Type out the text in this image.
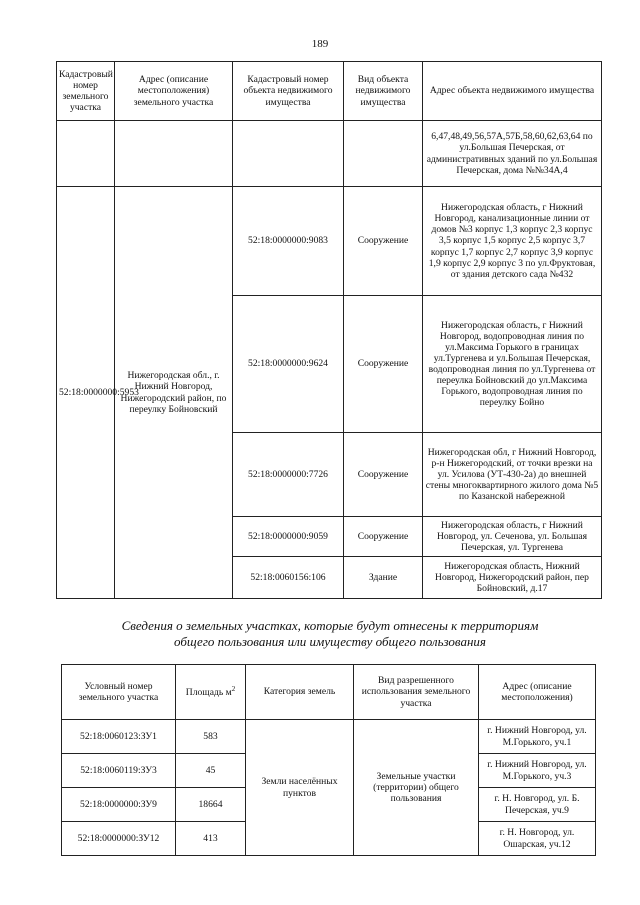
189
Кадастровый номер земельного участка	Адрес (описание местоположения) земельного участка	Кадастровый номер объекта недвижимого имущества	Вид объекта недвижимого имущества	Адрес объекта недвижимого имущества
				6,47,48,49,56,57А,57Б,58,60,62,63,64 по ул.Большая Печерская, от административных зданий по ул.Большая Печерская, дома №№34А,4
52:18:0000000:5953	Нижегородская обл., г. Нижний Новгород, Нижегородский район, по переулку Бойновский	52:18:0000000:9083	Сооружение	Нижегородская область, г Нижний Новгород, канализационные линии от домов №3 корпус 1,3 корпус 2,3 корпус 3,5 корпус 1,5 корпус 2,5 корпус 3,7 корпус 1,7 корпус 2,7 корпус 3,9 корпус 1,9 корпус 2,9 корпус 3 по ул.Фруктовая, от здания детского сада №432
		52:18:0000000:9624	Сооружение	Нижегородская область, г Нижний Новгород, водопроводная линия по ул.Максима Горького в границах ул.Тургенева и ул.Большая Печерская, водопроводная линия по ул.Тургенева от переулка Бойновский до ул.Максима Горького, водопроводная линия по переулку Бойно
		52:18:0000000:7726	Сооружение	Нижегородская обл, г Нижний Новгород, р-н Нижегородский, от точки врезки на ул. Усилова (УТ-430-2а) до внешней стены многоквартирного жилого дома №5 по Казанской набережной
		52:18:0000000:9059	Сооружение	Нижегородская область, г Нижний Новгород, ул. Сеченова, ул. Большая Печерская, ул. Тургенева
		52:18:0060156:106	Здание	Нижегородская область, Нижний Новгород, Нижегородский район, пер Бойновский, д.17
Сведения о земельных участках, которые будут отнесены к территориям
общего пользования или имуществу общего пользования
Условный номер земельного участка	Площадь $м^2$	Категория земель	Вид разрешенного использования земельного участка	Адрес (описание местоположения)
52:18:0060123:ЗУ1	583	Земли населённых пунктов	Земельные участки (территории) общего пользования	г. Нижний Новгород, ул. М.Горького, уч.1
52:18:0060119:ЗУ3	45			г. Нижний Новгород, ул. М.Горького, уч.3
52:18:0000000:ЗУ9	18664			г. Н. Новгород, ул. Б. Печерская, уч.9
52:18:0000000:ЗУ12	413			г. Н. Новгород, ул. Ошарская, уч.12
